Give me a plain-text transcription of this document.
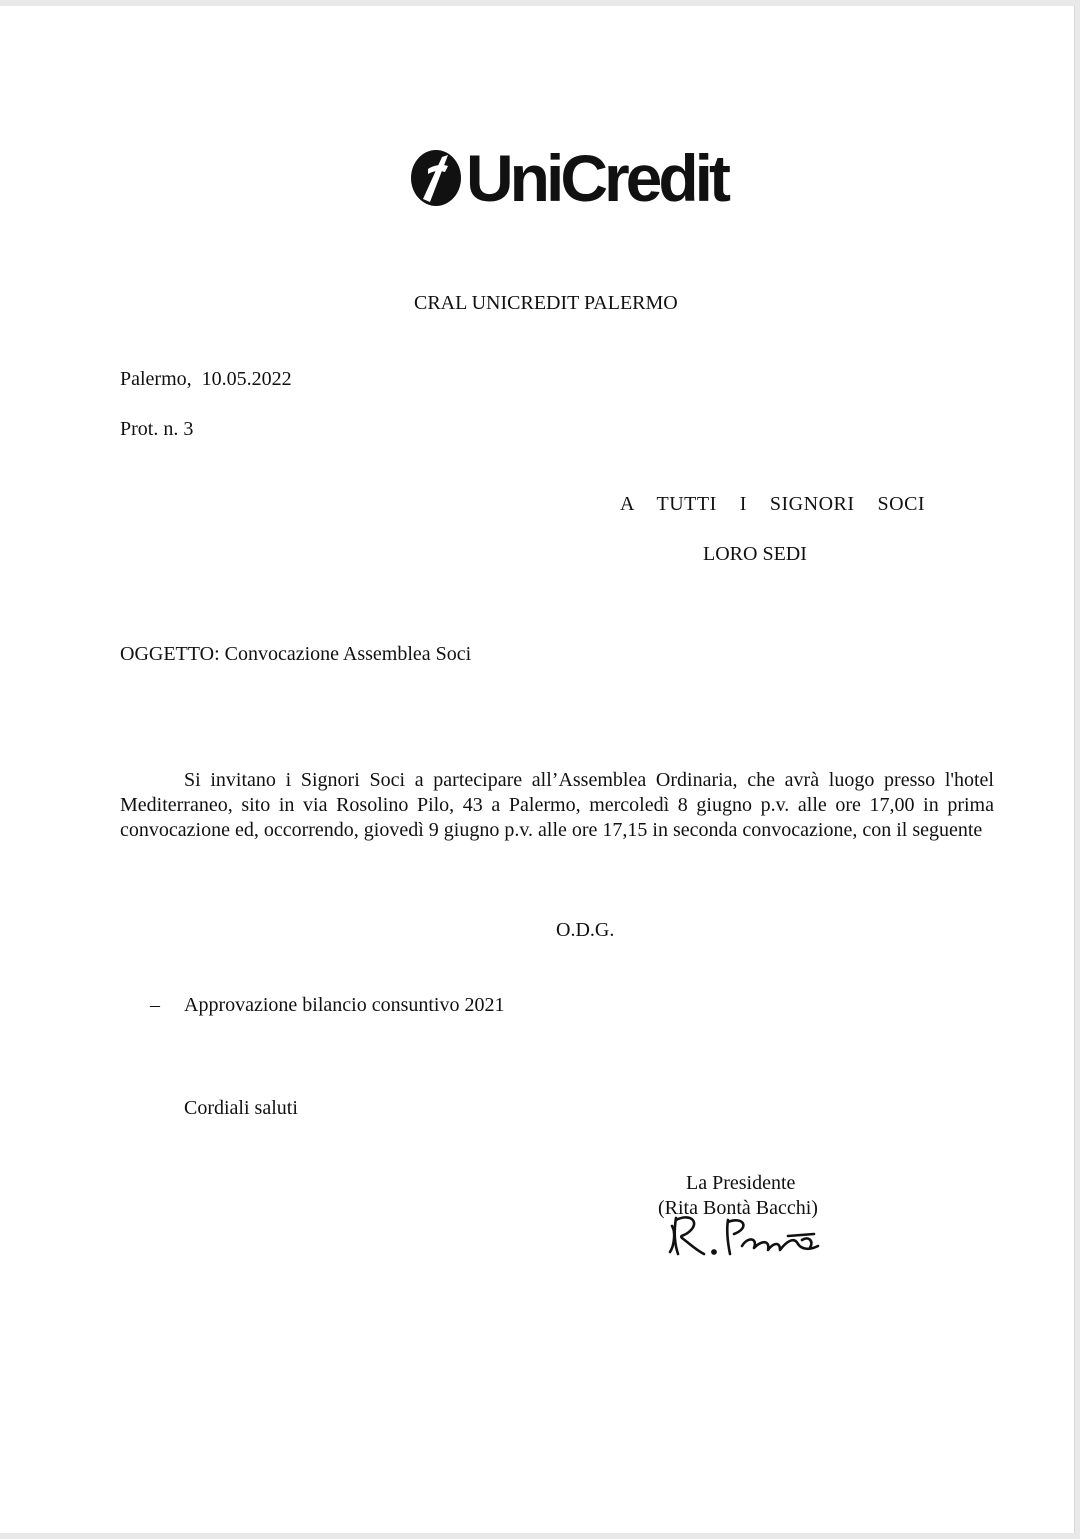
UniCredit
CRAL UNICREDIT PALERMO
Palermo,  10.05.2022
Prot. n. 3
A  TUTTI  I  SIGNORI  SOCI
LORO SEDI
OGGETTO: Convocazione Assemblea Soci
Si invitano i Signori Soci a partecipare all’Assemblea Ordinaria, che avrà luogo presso l'hotel Mediterraneo, sito in via Rosolino Pilo, 43 a Palermo, mercoledì 8 giugno p.v. alle ore 17,00 in prima convocazione ed, occorrendo, giovedì 9 giugno p.v. alle ore 17,15 in seconda convocazione, con il seguente
O.D.G.
– Approvazione bilancio consuntivo 2021
Cordiali saluti
La Presidente
(Rita Bontà Bacchi)
